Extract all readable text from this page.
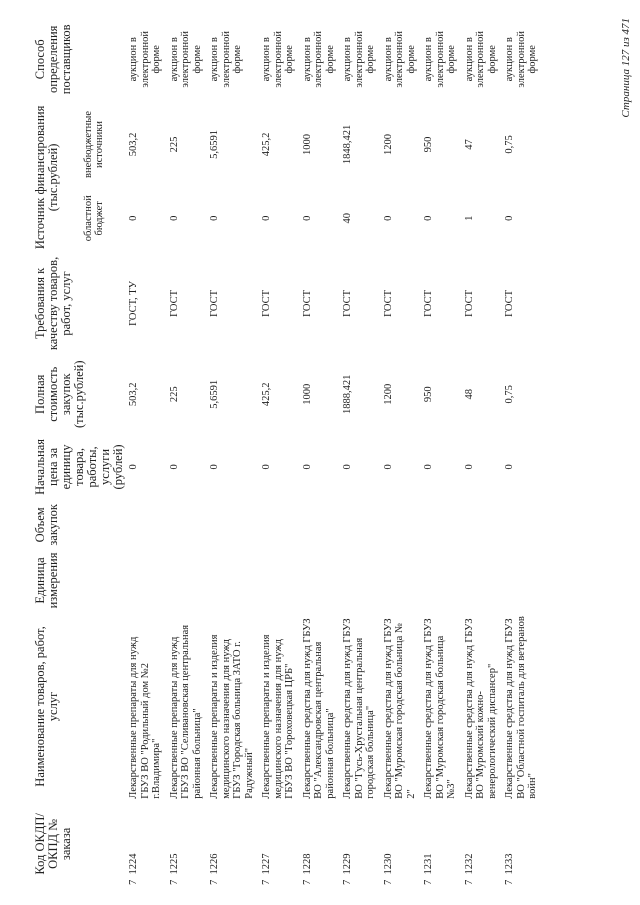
Код ОКДП/ ОКПД № заказа	Наименование товаров, работ, услуг	Единица измерения	Объем закупок	Начальная цена за единицу товара, работы, услуги (рублей)	Полная стоимость закупок (тыс.рублей)	Требования к качеству товаров, работ, услуг	Источник финансирования (тыс.рублей)		Способ определения поставщиков
							областной бюджет	внебюджетные источники	
7  1224	Лекарственные препараты для нужд ГБУЗ ВО "Родильный дом №2 г.Владимира"			0	503,2	ГОСТ, ТУ	0	503,2	аукцион в электронной форме
7  1225	Лекарственные препараты для нужд ГБУЗ ВО "Селивановская центральная районная больница"			0	225	ГОСТ	0	225	аукцион в электронной форме
7  1226	Лекарственные препараты и изделия медицинского назначения для нужд ГБУЗ "Городская больница ЗАТО г. Радужный"			0	5,6591	ГОСТ	0	5,6591	аукцион в электронной форме
7  1227	Лекарственные препараты и изделия медицинского назначения для нужд ГБУЗ ВО "Гороховецкая ЦРБ"			0	425,2	ГОСТ	0	425,2	аукцион в электронной форме
7  1228	Лекарственные средства для нужд ГБУЗ ВО "Александровская центральная районная больница"			0	1000	ГОСТ	0	1000	аукцион в электронной форме
7  1229	Лекарственные средства для нужд ГБУЗ ВО "Гусь-Хрустальная центральная городская больница"			0	1888,421	ГОСТ	40	1848,421	аукцион в электронной форме
7  1230	Лекарственные средства для нужд ГБУЗ ВО "Муромская городская больница № 2"			0	1200	ГОСТ	0	1200	аукцион в электронной форме
7  1231	Лекарственные средства для нужд ГБУЗ ВО "Муромская городская больница №3"			0	950	ГОСТ	0	950	аукцион в электронной форме
7  1232	Лекарственные средства для нужд ГБУЗ ВО "Муромский кожно-венерологический диспансер"			0	48	ГОСТ	1	47	аукцион в электронной форме
7  1233	Лекарственные средства для нужд ГБУЗ ВО "Областной госпиталь для ветеранов войн"			0	0,75	ГОСТ	0	0,75	аукцион в электронной форме	Страница 127 из 471
